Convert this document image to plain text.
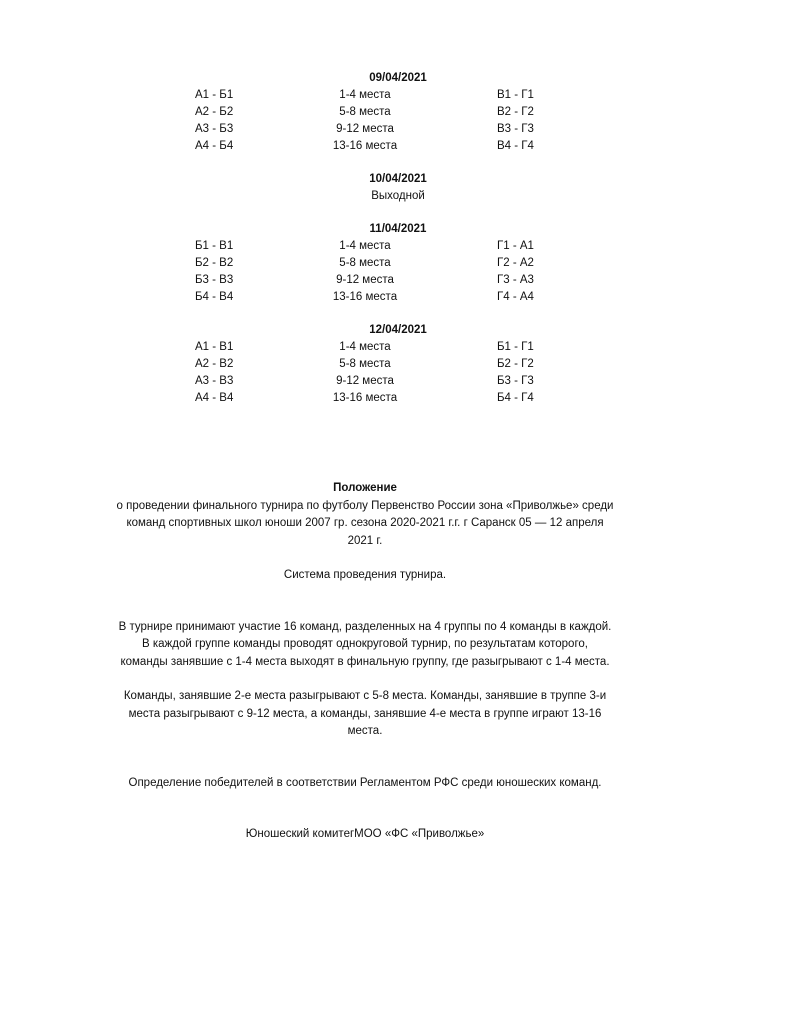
09/04/2021
А1 - Б1	1-4 места	В1 - Г1
А2 - Б2	5-8 места	В2 - Г2
А3 - Б3	9-12 места	В3 - Г3
А4 - Б4	13-16 места	В4 - Г4
10/04/2021
Выходной
11/04/2021
Б1 - В1	1-4 места	Г1 - А1
Б2 - В2	5-8 места	Г2 - А2
Б3 - В3	9-12 места	Г3 - А3
Б4 - В4	13-16 места	Г4 - А4
12/04/2021
А1 - В1	1-4 места	Б1 - Г1
А2 - В2	5-8 места	Б2 - Г2
А3 - В3	9-12 места	Б3 - Г3
А4 - В4	13-16 места	Б4 - Г4
Положение
о проведении финального турнира по футболу Первенство России зона «Приволжье» среди
команд спортивных школ юноши 2007 гр. сезона 2020-2021 г.г. г Саранск 05 — 12 апреля
2021 г.
Система проведения турнира.
В турнире принимают участие 16 команд, разделенных на 4 группы по 4 команды в каждой.
В каждой группе команды проводят однокруговой турнир, по результатам которого,
команды занявшие с 1-4 места выходят в финальную группу, где разыгрывают с 1-4 места.
Команды, занявшие 2-е места разыгрывают с 5-8 места. Команды, занявшие в труппе 3-и
места разыгрывают с 9-12 места, а команды, занявшие 4-е места в группе играют 13-16
места.
Определение победителей в соответствии Регламентом РФС среди юношеских команд.
Юношеский комитегМОО «ФС «Приволжье»
